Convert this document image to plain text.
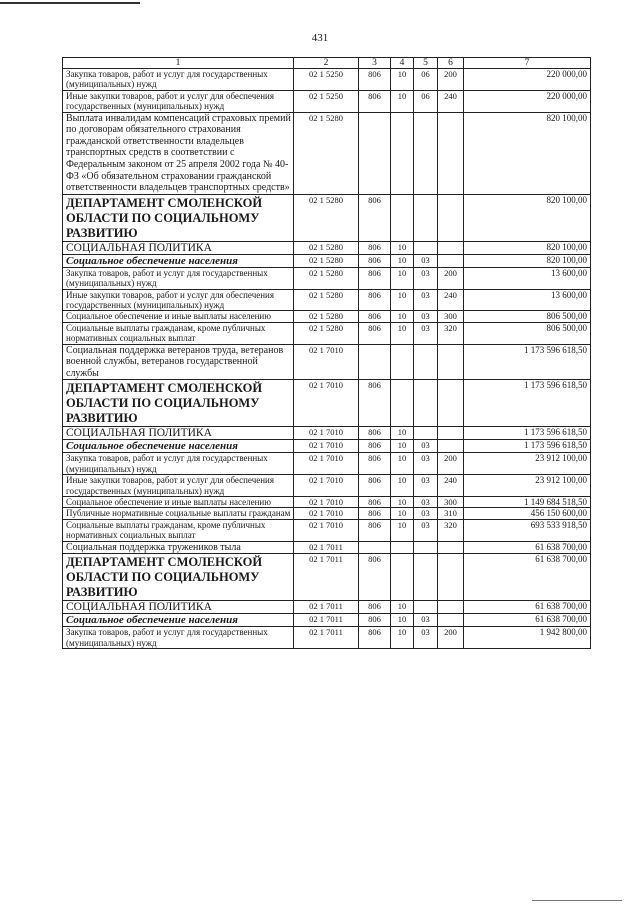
431
1	2	3	4	5	6	7
Закупка товаров, работ и услуг для государственных (муниципальных) нужд	02 1 5250	806	10	06	200	220 000,00
Иные закупки товаров, работ и услуг для обеспечения государственных (муниципальных) нужд	02 1 5250	806	10	06	240	220 000,00
Выплата инвалидам компенсаций страховых премий по договорам обязательного страхования гражданской ответственности владельцев транспортных средств в соответствии с Федеральным законом от 25 апреля 2002 года № 40-ФЗ «Об обязательном страховании гражданской ответственности владельцев транспортных средств»	02 1 5280					820 100,00
ДЕПАРТАМЕНТ СМОЛЕНСКОЙ ОБЛАСТИ ПО СОЦИАЛЬНОМУ РАЗВИТИЮ	02 1 5280	806				820 100,00
СОЦИАЛЬНАЯ ПОЛИТИКА	02 1 5280	806	10			820 100,00
Социальное обеспечение населения	02 1 5280	806	10	03		820 100,00
Закупка товаров, работ и услуг для государственных (муниципальных) нужд	02 1 5280	806	10	03	200	13 600,00
Иные закупки товаров, работ и услуг для обеспечения государственных (муниципальных) нужд	02 1 5280	806	10	03	240	13 600,00
Социальное обеспечение и иные выплаты населению	02 1 5280	806	10	03	300	806 500,00
Социальные выплаты гражданам, кроме публичных нормативных социальных выплат	02 1 5280	806	10	03	320	806 500,00
Социальная поддержка ветеранов труда, ветеранов военной службы, ветеранов государственной службы	02 1 7010					1 173 596 618,50
ДЕПАРТАМЕНТ СМОЛЕНСКОЙ ОБЛАСТИ ПО СОЦИАЛЬНОМУ РАЗВИТИЮ	02 1 7010	806				1 173 596 618,50
СОЦИАЛЬНАЯ ПОЛИТИКА	02 1 7010	806	10			1 173 596 618,50
Социальное обеспечение населения	02 1 7010	806	10	03		1 173 596 618,50
Закупка товаров, работ и услуг для государственных (муниципальных) нужд	02 1 7010	806	10	03	200	23 912 100,00
Иные закупки товаров, работ и услуг для обеспечения государственных (муниципальных) нужд	02 1 7010	806	10	03	240	23 912 100,00
Социальное обеспечение и иные выплаты населению	02 1 7010	806	10	03	300	1 149 684 518,50
Публичные нормативные социальные выплаты гражданам	02 1 7010	806	10	03	310	456 150 600,00
Социальные выплаты гражданам, кроме публичных нормативных социальных выплат	02 1 7010	806	10	03	320	693 533 918,50
Социальная поддержка тружеников тыла	02 1 7011					61 638 700,00
ДЕПАРТАМЕНТ СМОЛЕНСКОЙ ОБЛАСТИ ПО СОЦИАЛЬНОМУ РАЗВИТИЮ	02 1 7011	806				61 638 700,00
СОЦИАЛЬНАЯ ПОЛИТИКА	02 1 7011	806	10			61 638 700,00
Социальное обеспечение населения	02 1 7011	806	10	03		61 638 700,00
Закупка товаров, работ и услуг для государственных (муниципальных) нужд	02 1 7011	806	10	03	200	1 942 800,00
